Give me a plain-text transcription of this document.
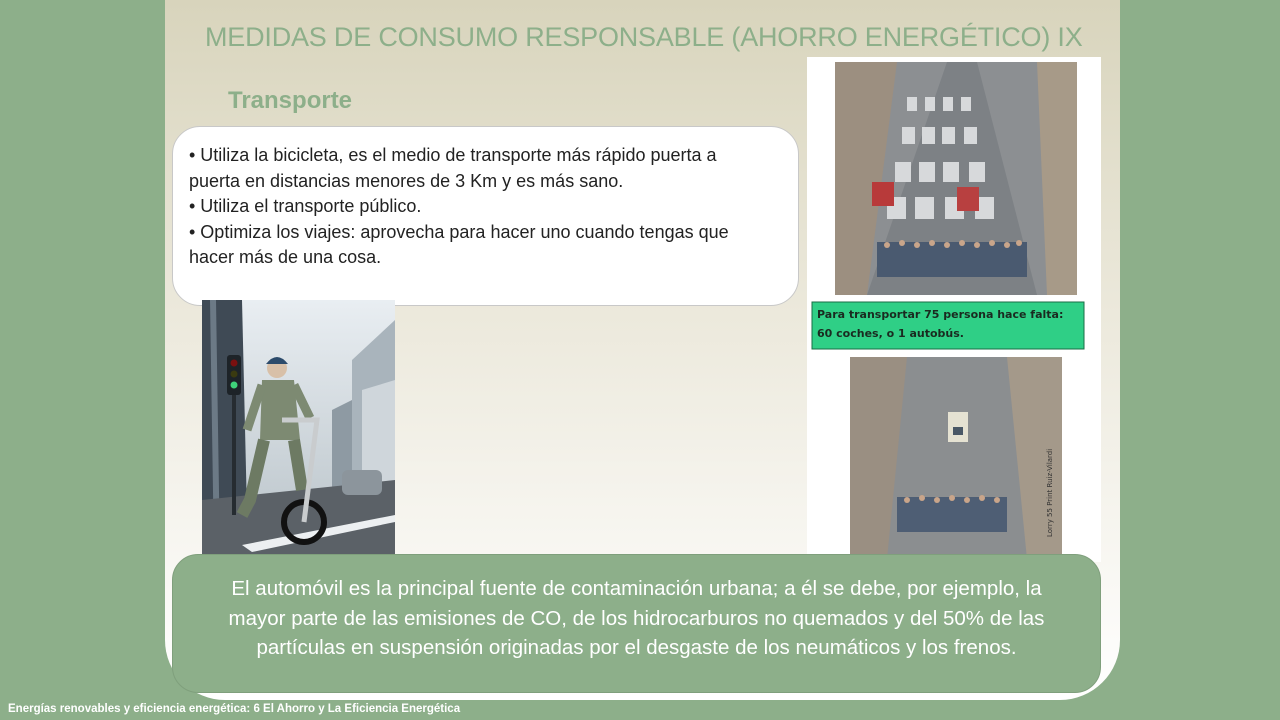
MEDIDAS DE CONSUMO RESPONSABLE (AHORRO ENERGÉTICO) IX
Transporte

• Utiliza la bicicleta, es el medio de transporte más rápido puerta a puerta en distancias menores de 3 Km y es más sano.

• Utiliza el transporte público.

• Optimiza los viajes: aprovecha para hacer uno cuando tengas que hacer más de una cosa.

Para transportar 75 persona hace falta: 60 coches, o 1 autobús.
Lorry 55 Print Ruiz-Vilardi
El automóvil es la principal fuente de contaminación urbana; a él se debe, por ejemplo, la mayor parte de las emisiones de CO, de los hidrocarburos no quemados y del 50% de las partículas en suspensión originadas por el desgaste de los neumáticos y los frenos.
Energías renovables y eficiencia energética: 6 El Ahorro y La Eficiencia Energética
